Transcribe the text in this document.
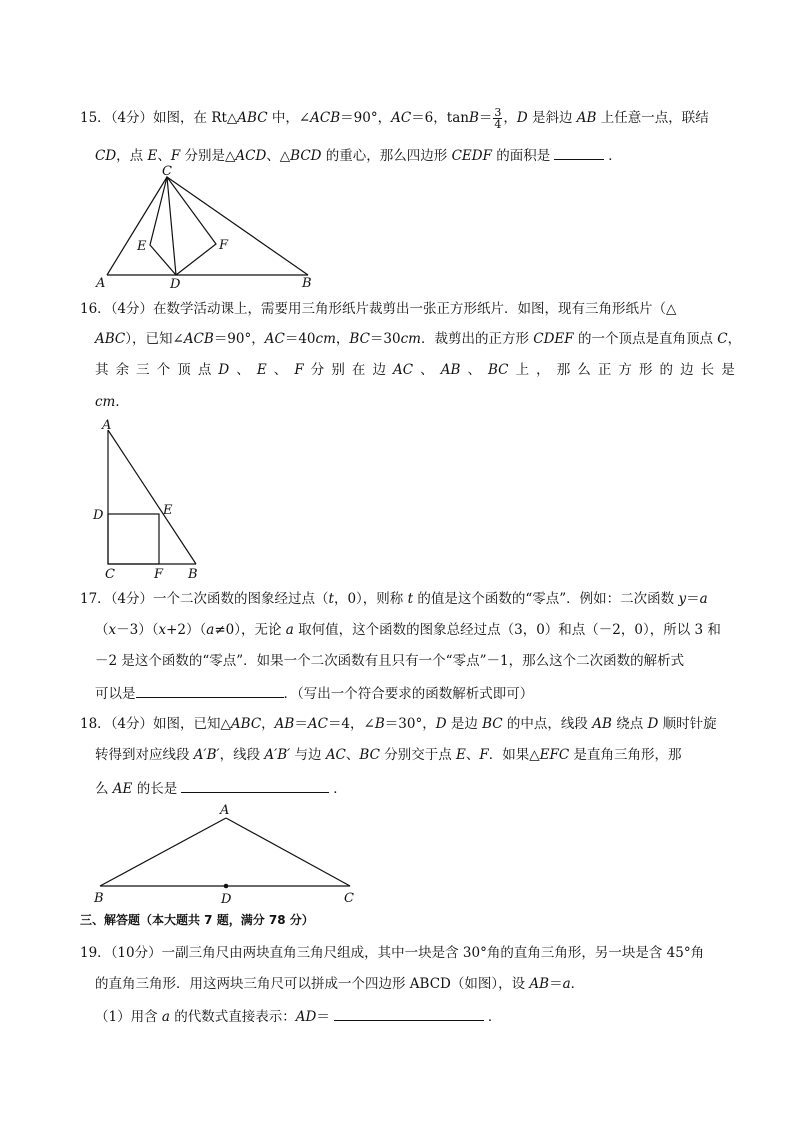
15．（4分）如图，在 Rt△ABC 中，∠ACB＝90°，AC＝6，$\tan B= \frac{3}{4}$ ，D 是斜边 AB 上任意一点，联结
CD，点 E、F 分别是△ACD、△BCD 的重心，那么四边形 CEDF 的面积是	．
C
E	F
A	D	B
16．（4分）在数学活动课上，需要用三角形纸片裁剪出一张正方形纸片．如图，现有三角形纸片（△
ABC），已知∠ACB＝90°，AC＝40cm，BC＝30cm．裁剪出的正方形 CDEF 的一个顶点是直角顶点 C，
其 余 三 个 顶 点 D 、 E 、 F 分 别 在 边 AC 、 AB 、 BC 上 ， 那 么 正 方 形 的 边 长 是
cm．
A
D	E
C	F B
17．（4分）一个二次函数的图象经过点（t，0），则称 t 的值是这个函数的“零点”．例如：二次函数 y＝a
（x－3）（x+2）（a≠0），无论 a 取何值，这个函数的图象总经过点（3，0）和点（－2，0），所以 3 和
－2 是这个函数的“零点”．如果一个二次函数有且只有一个“零点”－1，那么这个二次函数的解析式
可以是	．（写出一个符合要求的函数解析式即可）
18．（4分）如图，已知△ABC，AB＝AC＝4，∠B＝30°，D 是边 BC 的中点，线段 AB 绕点 D 顺时针旋
转得到对应线段 A′B′，线段 A′B′ 与边 AC、BC 分别交于点 E、F．如果△EFC 是直角三角形，那
么 AE 的长是	．
A
B	D	C
三、解答题（本大题共 7 题，满分 78 分）
19．（10分）一副三角尺由两块直角三角尺组成，其中一块是含 30°角的直角三角形，另一块是含 45°角
的直角三角形．用这两块三角尺可以拼成一个四边形 ABCD（如图），设 AB＝a．
（1）用含 a 的代数式直接表示：AD＝	．
